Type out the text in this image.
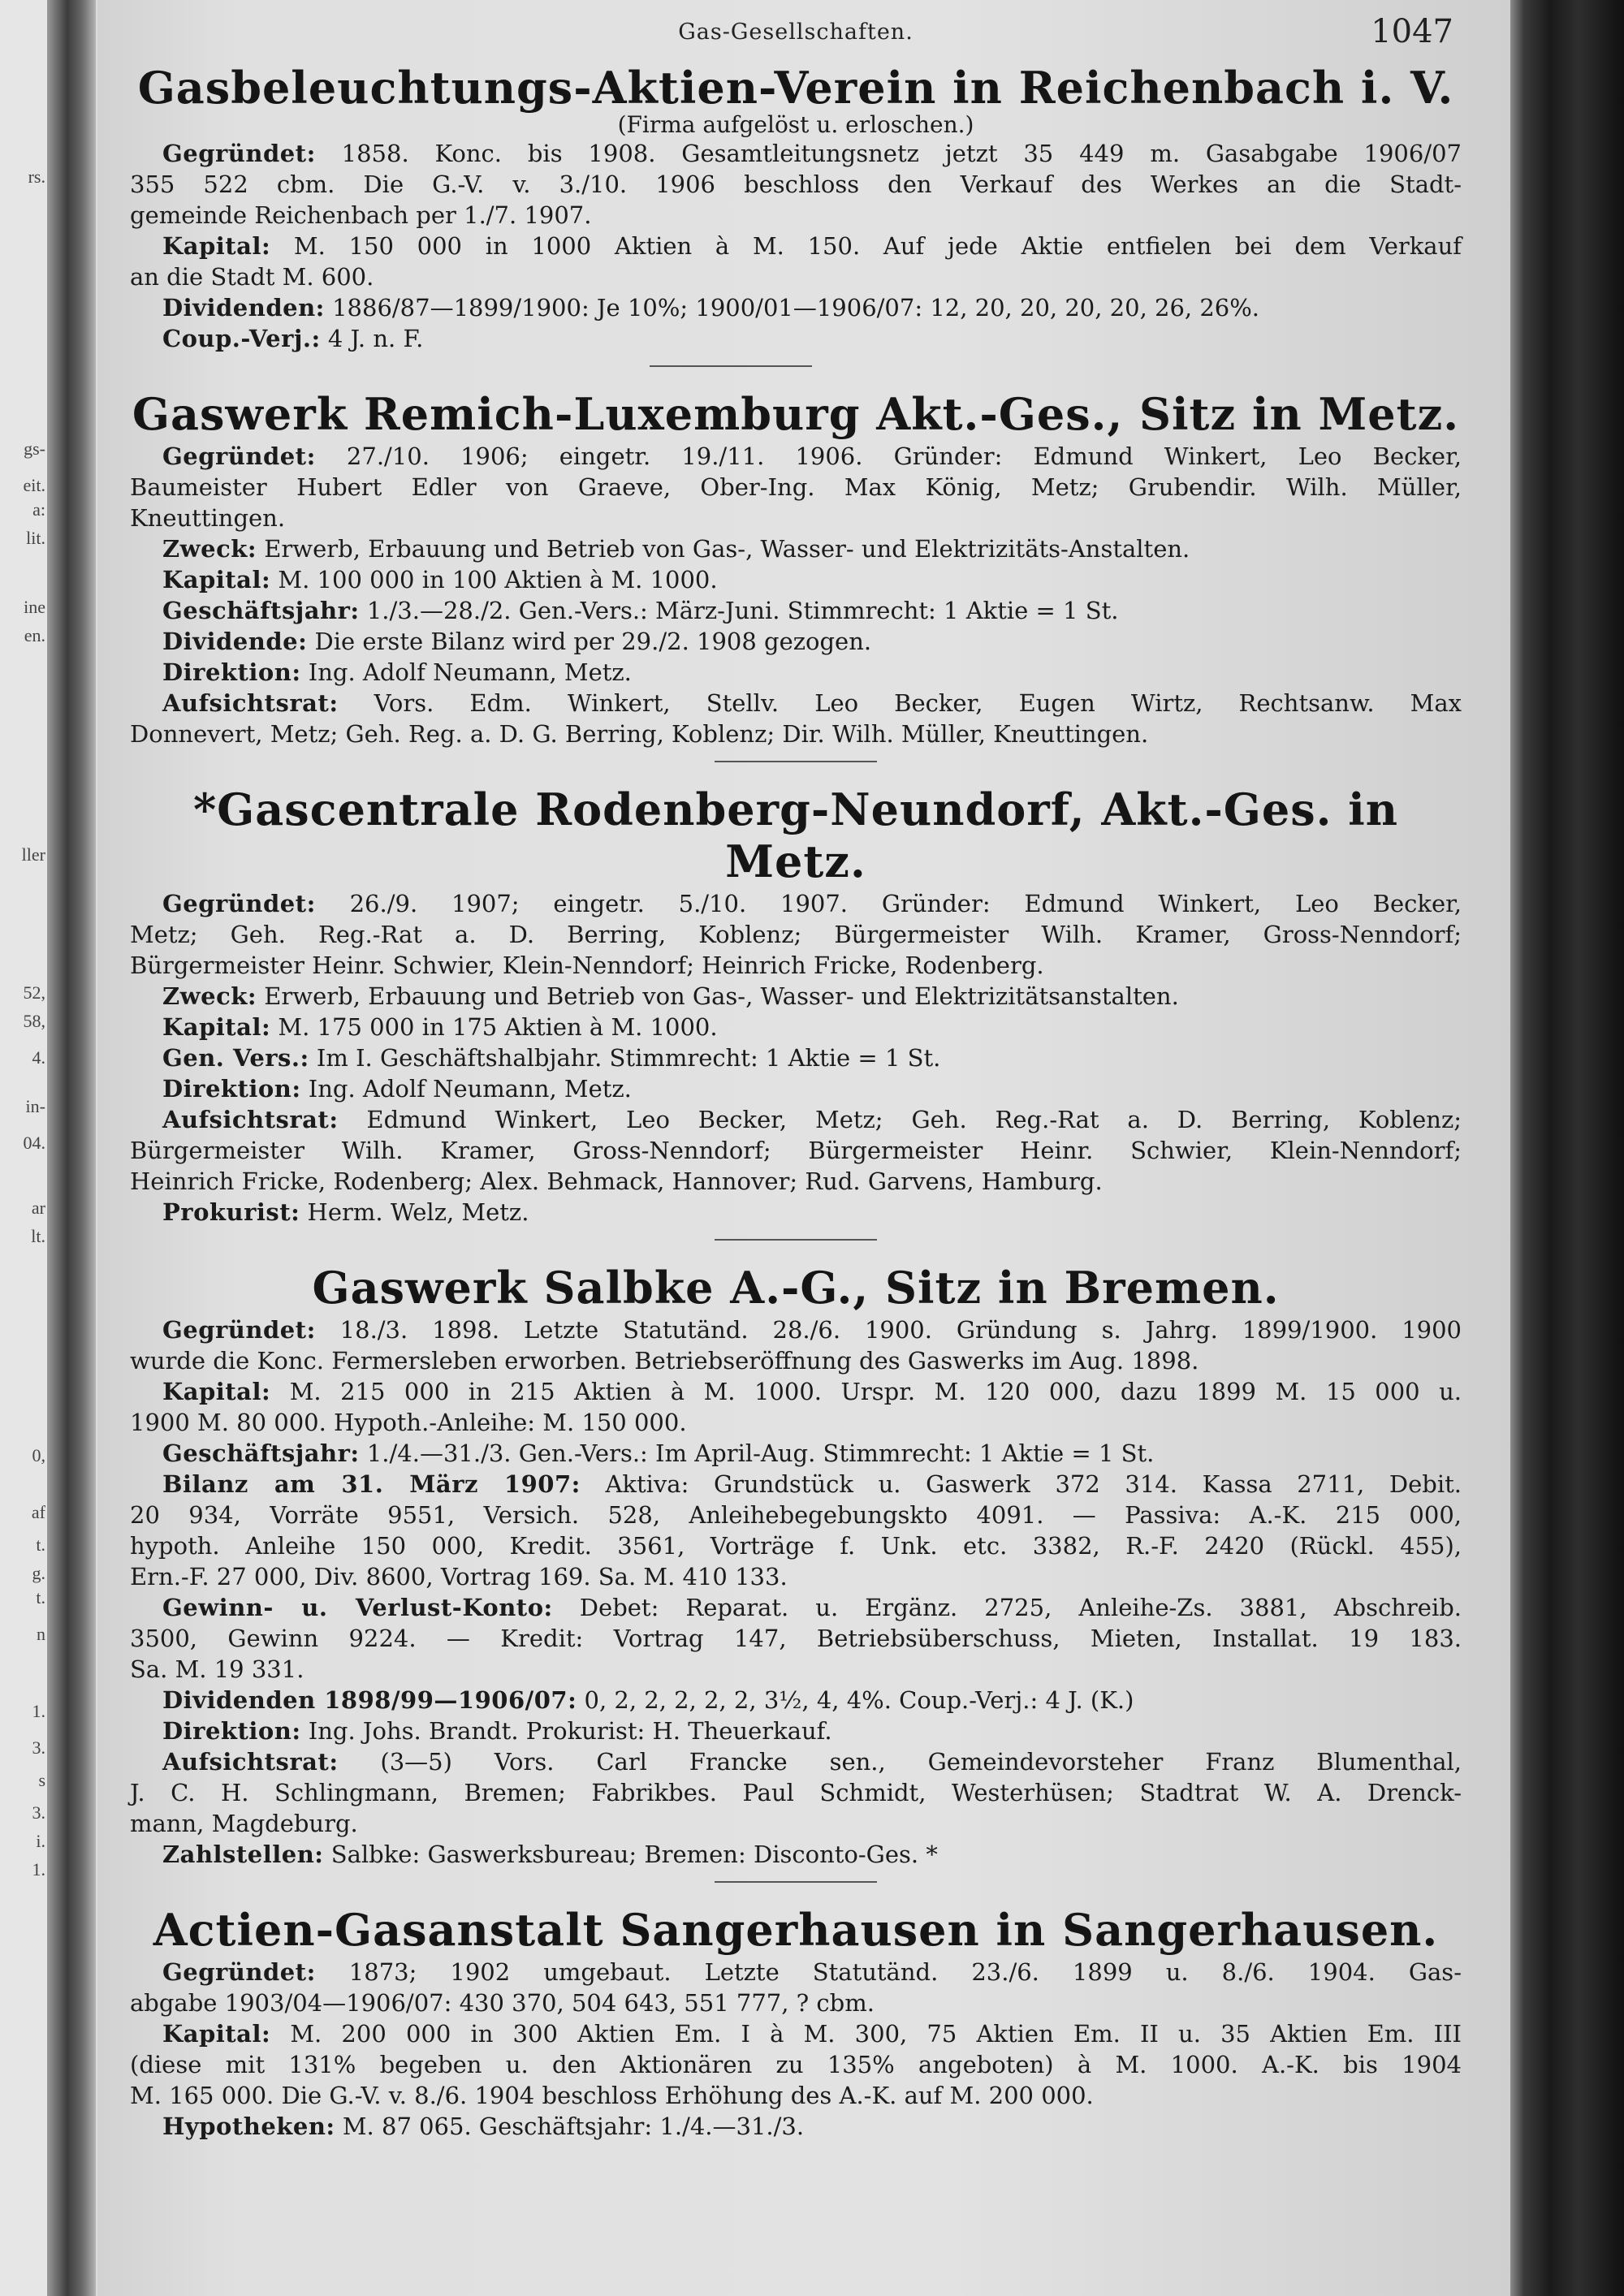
rs.
gs-
eit.
a:
lit.
ine
en.
ller
52,
58,
4.
in-
04.
ar
lt.
0,
af
t.
g.
t.
n
1.
3.
s
3.
i.
1.
Gas-Gesellschaften.	1047
Gasbeleuchtungs-Aktien-Verein in Reichenbach i. V.
(Firma aufgelöst u. erloschen.)
Gegründet: 1858. Konc. bis 1908. Gesamtleitungsnetz jetzt 35 449 m. Gasabgabe 1906/07
355 522 cbm. Die G.-V. v. 3./10. 1906 beschloss den Verkauf des Werkes an die Stadt-
gemeinde Reichenbach per 1./7. 1907.
Kapital: M. 150 000 in 1000 Aktien à M. 150. Auf jede Aktie entfielen bei dem Verkauf
an die Stadt M. 600.
Dividenden: 1886/87—1899/1900: Je 10%; 1900/01—1906/07: 12, 20, 20, 20, 20, 26, 26%.
Coup.-Verj.: 4 J. n. F.
Gaswerk Remich-Luxemburg Akt.-Ges., Sitz in Metz.
Gegründet: 27./10. 1906; eingetr. 19./11. 1906. Gründer: Edmund Winkert, Leo Becker,
Baumeister Hubert Edler von Graeve, Ober-Ing. Max König, Metz; Grubendir. Wilh. Müller,
Kneuttingen.
Zweck: Erwerb, Erbauung und Betrieb von Gas-, Wasser- und Elektrizitäts-Anstalten.
Kapital: M. 100 000 in 100 Aktien à M. 1000.
Geschäftsjahr: 1./3.—28./2. Gen.-Vers.: März-Juni. Stimmrecht: 1 Aktie = 1 St.
Dividende: Die erste Bilanz wird per 29./2. 1908 gezogen.
Direktion: Ing. Adolf Neumann, Metz.
Aufsichtsrat: Vors. Edm. Winkert, Stellv. Leo Becker, Eugen Wirtz, Rechtsanw. Max
Donnevert, Metz; Geh. Reg. a. D. G. Berring, Koblenz; Dir. Wilh. Müller, Kneuttingen.
*Gascentrale Rodenberg-Neundorf, Akt.-Ges. in Metz.
Gegründet: 26./9. 1907; eingetr. 5./10. 1907. Gründer: Edmund Winkert, Leo Becker,
Metz; Geh. Reg.-Rat a. D. Berring, Koblenz; Bürgermeister Wilh. Kramer, Gross-Nenndorf;
Bürgermeister Heinr. Schwier, Klein-Nenndorf; Heinrich Fricke, Rodenberg.
Zweck: Erwerb, Erbauung und Betrieb von Gas-, Wasser- und Elektrizitätsanstalten.
Kapital: M. 175 000 in 175 Aktien à M. 1000.
Gen. Vers.: Im I. Geschäftshalbjahr. Stimmrecht: 1 Aktie = 1 St.
Direktion: Ing. Adolf Neumann, Metz.
Aufsichtsrat: Edmund Winkert, Leo Becker, Metz; Geh. Reg.-Rat a. D. Berring, Koblenz;
Bürgermeister Wilh. Kramer, Gross-Nenndorf; Bürgermeister Heinr. Schwier, Klein-Nenndorf;
Heinrich Fricke, Rodenberg; Alex. Behmack, Hannover; Rud. Garvens, Hamburg.
Prokurist: Herm. Welz, Metz.
Gaswerk Salbke A.-G., Sitz in Bremen.
Gegründet: 18./3. 1898. Letzte Statutänd. 28./6. 1900. Gründung s. Jahrg. 1899/1900. 1900
wurde die Konc. Fermersleben erworben. Betriebseröffnung des Gaswerks im Aug. 1898.
Kapital: M. 215 000 in 215 Aktien à M. 1000. Urspr. M. 120 000, dazu 1899 M. 15 000 u.
1900 M. 80 000. Hypoth.-Anleihe: M. 150 000.
Geschäftsjahr: 1./4.—31./3. Gen.-Vers.: Im April-Aug. Stimmrecht: 1 Aktie = 1 St.
Bilanz am 31. März 1907: Aktiva: Grundstück u. Gaswerk 372 314. Kassa 2711, Debit.
20 934, Vorräte 9551, Versich. 528, Anleihebegebungskto 4091. — Passiva: A.-K. 215 000,
hypoth. Anleihe 150 000, Kredit. 3561, Vorträge f. Unk. etc. 3382, R.-F. 2420 (Rückl. 455),
Ern.-F. 27 000, Div. 8600, Vortrag 169. Sa. M. 410 133.
Gewinn- u. Verlust-Konto: Debet: Reparat. u. Ergänz. 2725, Anleihe-Zs. 3881, Abschreib.
3500, Gewinn 9224. — Kredit: Vortrag 147, Betriebsüberschuss, Mieten, Installat. 19 183.
Sa. M. 19 331.
Dividenden 1898/99—1906/07: 0, 2, 2, 2, 2, 2, 3½, 4, 4%. Coup.-Verj.: 4 J. (K.)
Direktion: Ing. Johs. Brandt. Prokurist: H. Theuerkauf.
Aufsichtsrat: (3—5) Vors. Carl Francke sen., Gemeindevorsteher Franz Blumenthal,
J. C. H. Schlingmann, Bremen; Fabrikbes. Paul Schmidt, Westerhüsen; Stadtrat W. A. Drenck-
mann, Magdeburg.
Zahlstellen: Salbke: Gaswerksbureau; Bremen: Disconto-Ges. *
Actien-Gasanstalt Sangerhausen in Sangerhausen.
Gegründet: 1873; 1902 umgebaut. Letzte Statutänd. 23./6. 1899 u. 8./6. 1904. Gas-
abgabe 1903/04—1906/07: 430 370, 504 643, 551 777, ? cbm.
Kapital: M. 200 000 in 300 Aktien Em. I à M. 300, 75 Aktien Em. II u. 35 Aktien Em. III
(diese mit 131% begeben u. den Aktionären zu 135% angeboten) à M. 1000. A.-K. bis 1904
M. 165 000. Die G.-V. v. 8./6. 1904 beschloss Erhöhung des A.-K. auf M. 200 000.
Hypotheken: M. 87 065. Geschäftsjahr: 1./4.—31./3.
